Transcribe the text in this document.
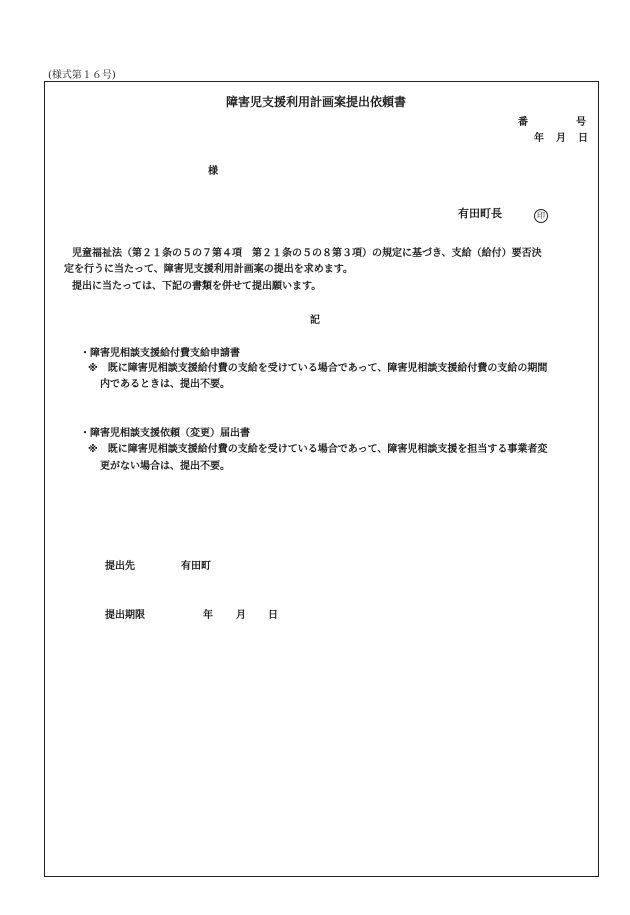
(様式第１６号)
障害児支援利用計画案提出依頼書
番	号
年 月 日
様
有田町長	印
児童福祉法（第２１条の５の７第４項　第２１条の５の８第３項）の規定に基づき、支給（給付）要否決
定を行うに当たって、障害児支援利用計画案の提出を求めます。
提出に当たっては、下記の書類を併せて提出願います。
記
・障害児相談支援給付費支給申請書
※　既に障害児相談支援給付費の支給を受けている場合であって、障害児相談支援給付費の支給の期間
内であるときは、提出不要。
・障害児相談支援依頼（変更）届出書
※　既に障害児相談支援給付費の支給を受けている場合であって、障害児相談支援を担当する事業者変
更がない場合は、提出不要。
提出先	有田町
提出期限	年 月 日
